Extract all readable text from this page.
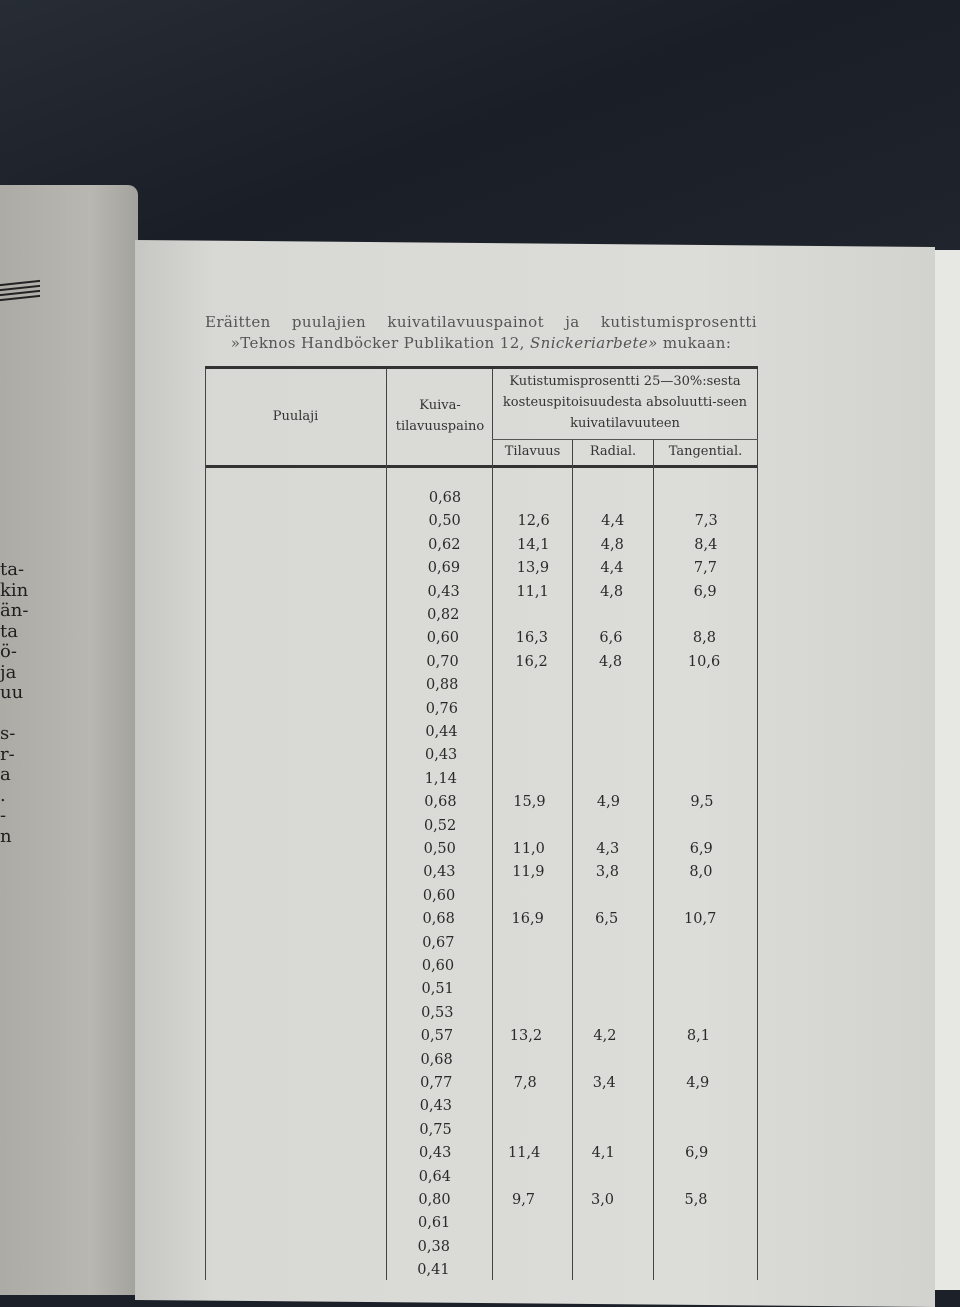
ta-
kin
än-
ta
ö-
ja
uu
s-
r-
a
.
-
n
Eräitten puulajien kuivatilavuuspainot ja kutistumisprosentti
»Teknos Handböcker Publikation 12, Snickeriarbete» mukaan:
Puulaji
Kuiva-tilavuuspaino
Kutistumisprosentti 25—30%:sesta kosteuspitoisuudesta absoluutti-seen kuivatilavuuteen
Tilavuus	Radial.	Tangential.
0,68
0,50	12,6	4,4	7,3
0,62	14,1	4,8	8,4
0,69	13,9	4,4	7,7
0,43	11,1	4,8	6,9
0,82
0,60	16,3	6,6	8,8
0,70	16,2	4,8	10,6
0,88
0,76
0,44
0,43
1,14
0,68	15,9	4,9	9,5
0,52
0,50	11,0	4,3	6,9
0,43	11,9	3,8	8,0
0,60
0,68	16,9	6,5	10,7
0,67
0,60
0,51
0,53
0,57	13,2	4,2	8,1
0,68
0,77	7,8	3,4	4,9
0,43
0,75
0,43	11,4	4,1	6,9
0,64
0,80	9,7	3,0	5,8
0,61
0,38
0,41
